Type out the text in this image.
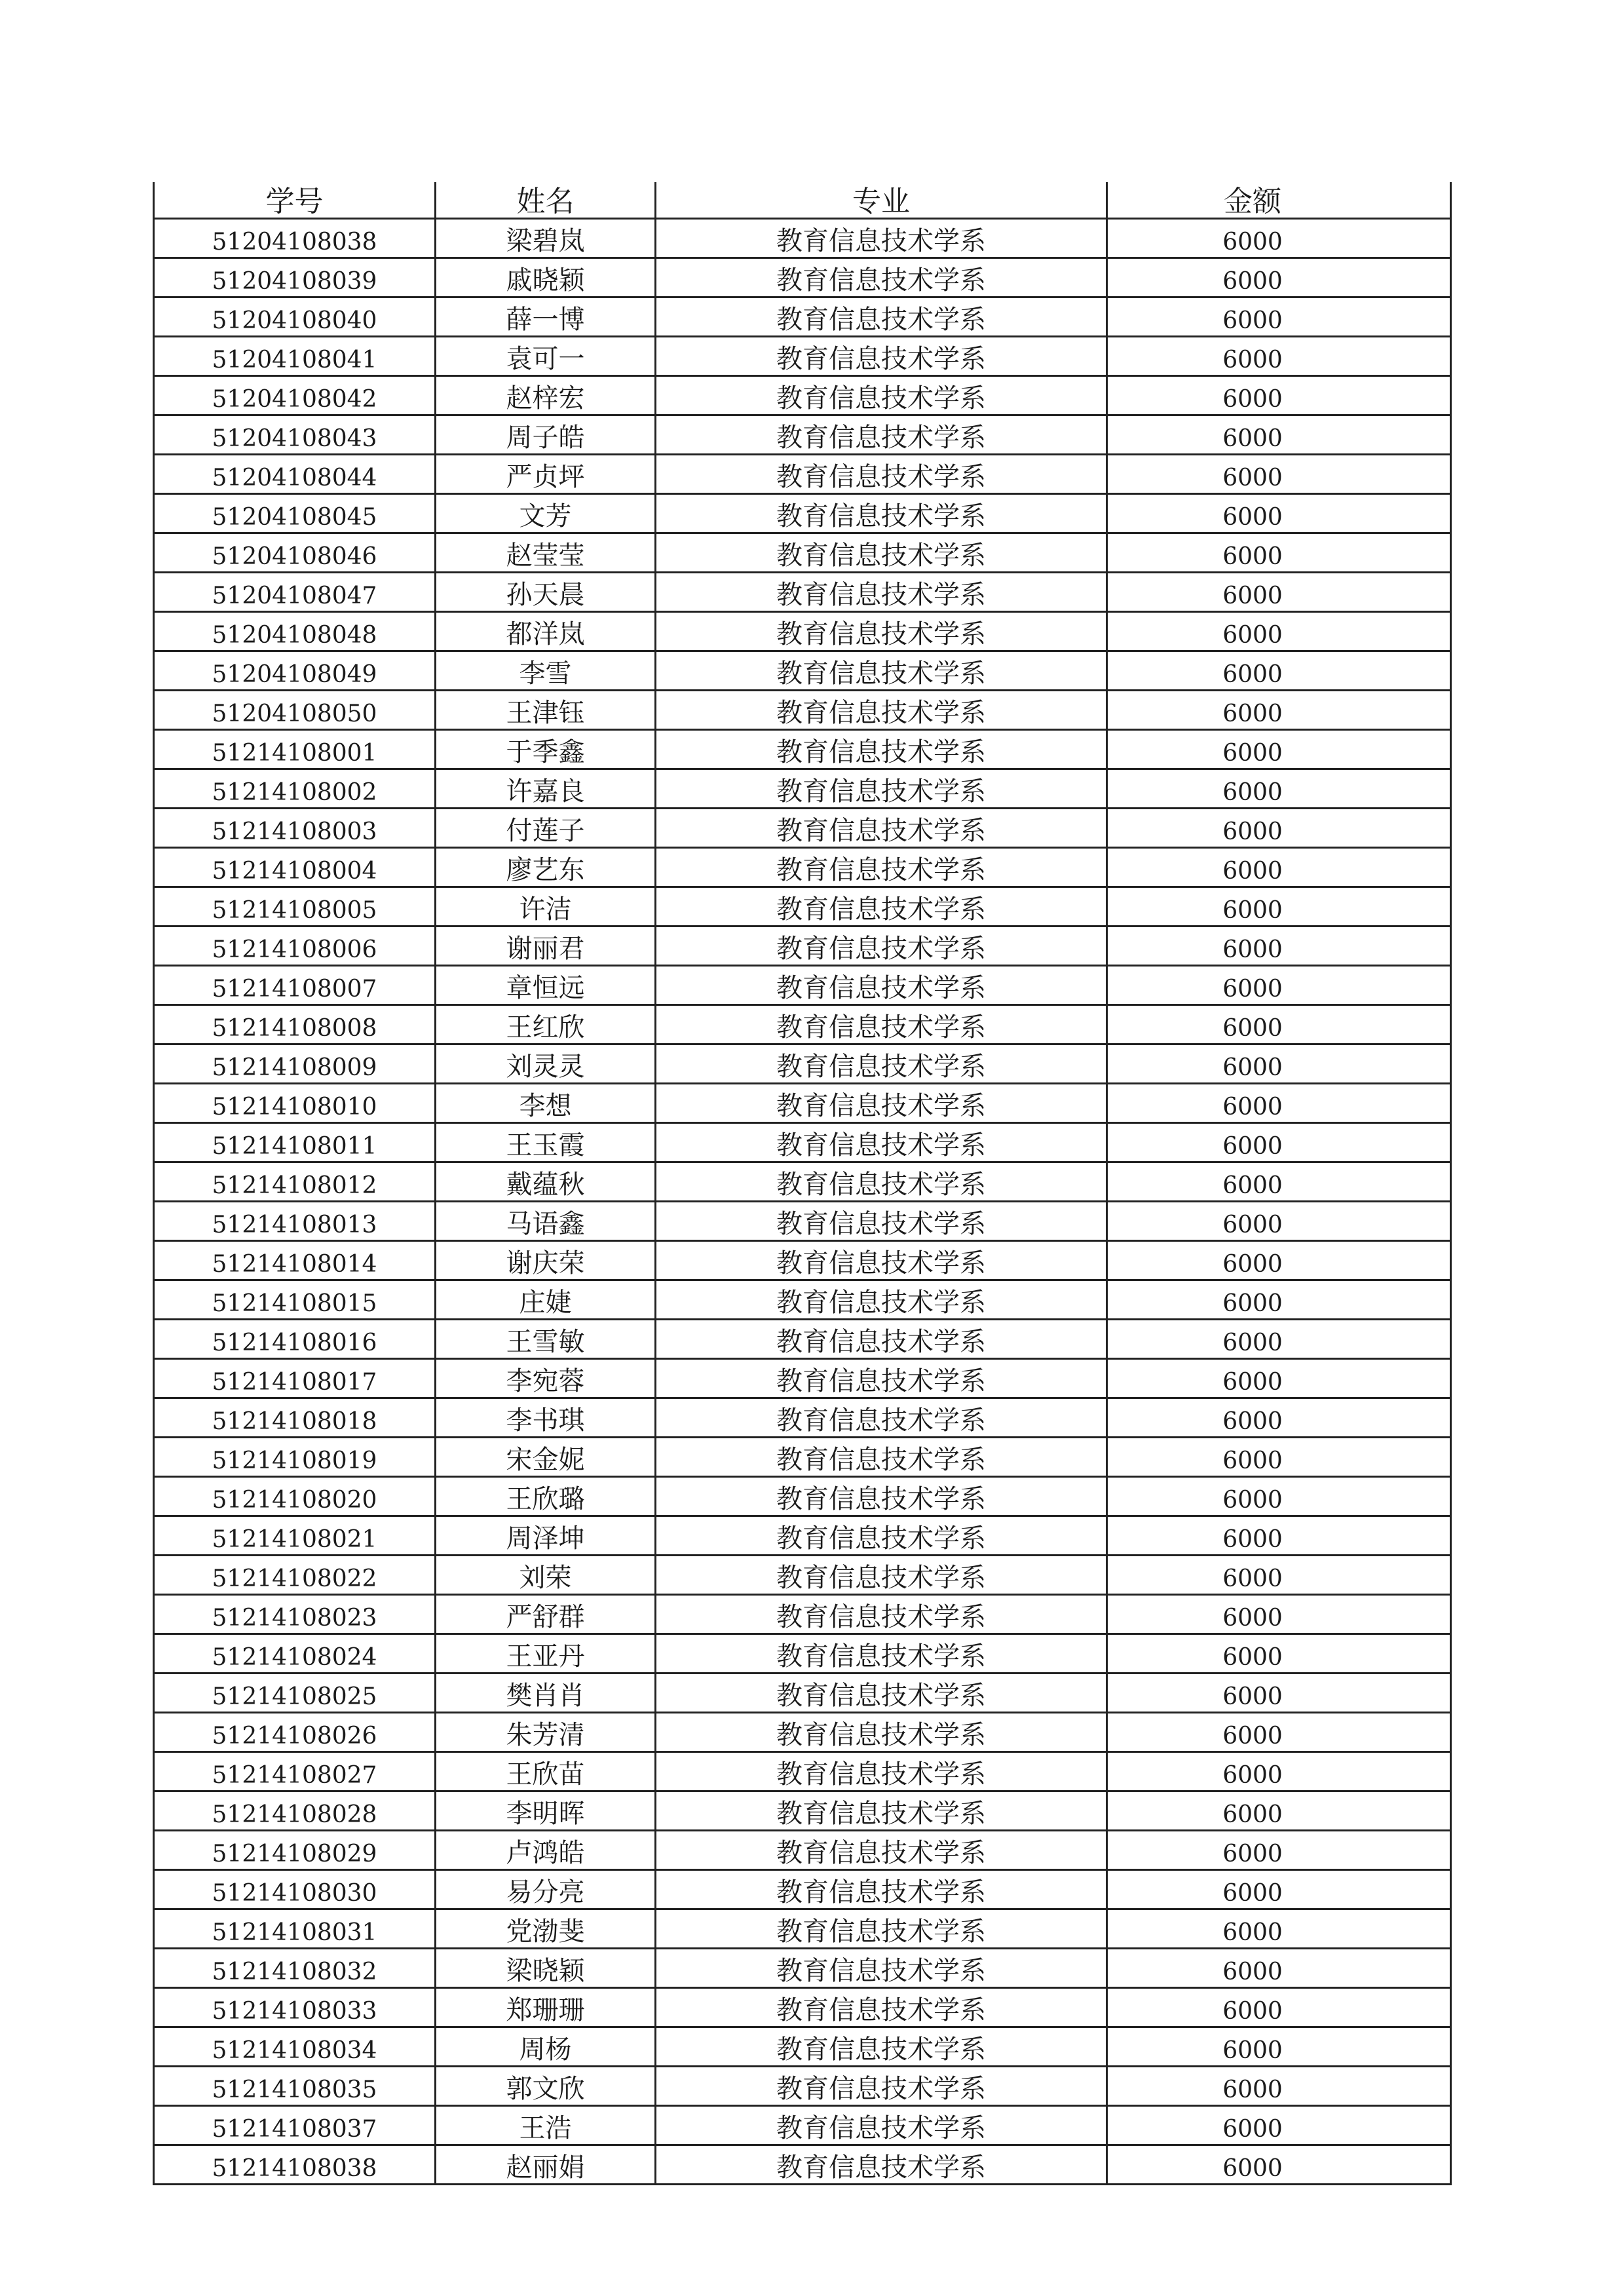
学号	姓名	专业	金额
51204108038	梁碧岚	教育信息技术学系	6000
51204108039	戚晓颖	教育信息技术学系	6000
51204108040	薛一博	教育信息技术学系	6000
51204108041	袁可一	教育信息技术学系	6000
51204108042	赵梓宏	教育信息技术学系	6000
51204108043	周子皓	教育信息技术学系	6000
51204108044	严贞坪	教育信息技术学系	6000
51204108045	文芳	教育信息技术学系	6000
51204108046	赵莹莹	教育信息技术学系	6000
51204108047	孙天晨	教育信息技术学系	6000
51204108048	都洋岚	教育信息技术学系	6000
51204108049	李雪	教育信息技术学系	6000
51204108050	王津钰	教育信息技术学系	6000
51214108001	于季鑫	教育信息技术学系	6000
51214108002	许嘉良	教育信息技术学系	6000
51214108003	付莲子	教育信息技术学系	6000
51214108004	廖艺东	教育信息技术学系	6000
51214108005	许洁	教育信息技术学系	6000
51214108006	谢丽君	教育信息技术学系	6000
51214108007	章恒远	教育信息技术学系	6000
51214108008	王红欣	教育信息技术学系	6000
51214108009	刘灵灵	教育信息技术学系	6000
51214108010	李想	教育信息技术学系	6000
51214108011	王玉霞	教育信息技术学系	6000
51214108012	戴蕴秋	教育信息技术学系	6000
51214108013	马语鑫	教育信息技术学系	6000
51214108014	谢庆荣	教育信息技术学系	6000
51214108015	庄婕	教育信息技术学系	6000
51214108016	王雪敏	教育信息技术学系	6000
51214108017	李宛蓉	教育信息技术学系	6000
51214108018	李书琪	教育信息技术学系	6000
51214108019	宋金妮	教育信息技术学系	6000
51214108020	王欣璐	教育信息技术学系	6000
51214108021	周泽坤	教育信息技术学系	6000
51214108022	刘荣	教育信息技术学系	6000
51214108023	严舒群	教育信息技术学系	6000
51214108024	王亚丹	教育信息技术学系	6000
51214108025	樊肖肖	教育信息技术学系	6000
51214108026	朱芳清	教育信息技术学系	6000
51214108027	王欣苗	教育信息技术学系	6000
51214108028	李明晖	教育信息技术学系	6000
51214108029	卢鸿皓	教育信息技术学系	6000
51214108030	易分亮	教育信息技术学系	6000
51214108031	党渤斐	教育信息技术学系	6000
51214108032	梁晓颖	教育信息技术学系	6000
51214108033	郑珊珊	教育信息技术学系	6000
51214108034	周杨	教育信息技术学系	6000
51214108035	郭文欣	教育信息技术学系	6000
51214108037	王浩	教育信息技术学系	6000
51214108038	赵丽娟	教育信息技术学系	6000
